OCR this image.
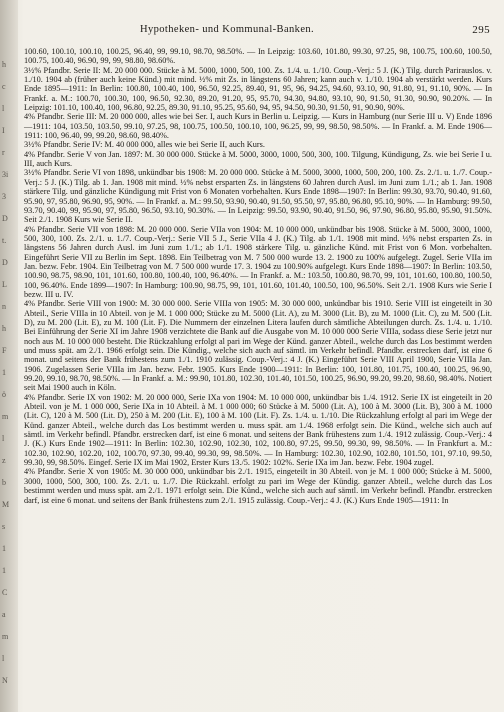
h
c
l
I
r
3i
3
D
t.
D
L
n
h
F
1
ö
m
l
z
b
M
s
1
1
C
a
m
l
N
Hypotheken- und Kommunal-Banken.	295

100.60, 100.10, 100.10, 100.25, 96.40, 99, 99.10, 98.70, 98.50%. — In Leipzig: 103.60, 101.80, 99.30, 97.25, 98, 100.75, 100.60, 100.50, 100.75, 100.40, 96.90, 99, 99, 98.80, 98.60%.

3½% Pfandbr. Serie II: M. 20 000 000. Stücke à M. 5000, 1000, 500, 100. Zs. 1./4. u. 1./10. Coup.-Verj.: 5 J. (K.) Tilg. durch Parirauslos. v. 1./10. 1904 ab (früher auch keine Künd.) mit mind. ½% mit Zs. in längstens 60 Jahren; kann auch v. 1./10. 1904 ab verstärkt werden. Kurs Ende 1895—1911: In Berlin: 100.80, 100.40, 100, 96.50, 92.25, 89.40, 91, 95, 96, 94.25, 94.60, 93.10, 90, 91.80, 91, 91.10, 90%. — In Frankf. a. M.: 100.70, 100.30, 100, 96.50, 92.30, 89.20, 91.20, 95, 95.70, 94.30, 94.80, 93.10, 90, 91.50, 91.30, 90.90, 90.20%. — In Leipzig: 101.10, 100.40, 100, 96.80, 92.25, 89.30, 91.10, 95.25, 95.60, 94, 95, 94.50, 90.30, 91.50, 91, 90.90, 90%.

4% Pfandbr. Serie III: M. 20 000 000, alles wie bei Ser. I, auch Kurs in Berlin u. Leipzig. — Kurs in Hamburg (nur Serie III u. V) Ende 1896—1911: 104, 103.50, 103.50, 99.10, 97.25, 98, 100.75, 100.50, 100.10, 100, 96.25, 99, 99, 98.50, 98.50%. — In Frankf. a. M. Ende 1906—1911: 100, 96.40, 99, 99.20, 98.60, 98.40%.

3½% Pfandbr. Serie IV: M. 40 000 000, alles wie bei Serie II, auch Kurs.

4% Pfandbr. Serie V von Jan. 1897: M. 30 000 000. Stücke à M. 5000, 3000, 1000, 500, 300, 100. Tilgung, Kündigung, Zs. wie bei Serie I u. III, auch Kurs.

3½% Pfandbr. Serie VI von 1898, unkündbar bis 1908: M. 20 000 000. Stücke à M. 5000, 3000, 1000, 500, 200, 100. Zs. 2./1. u. 1./7. Coup.-Verj.: 5 J. (K.) Tilg. ab 1. Jan. 1908 mit mind. ½% nebst ersparten Zs. in längstens 60 Jahren durch Ausl. im Juni zum 1./1.; ab 1. Jan. 1908 stärkere Tilg. und gänzliche Kündigung mit Frist von 6 Monaten vorbehalten. Kurs Ende 1898—1907: In Berlin: 99.30, 93.70, 90.40, 91.60, 95.90, 97, 95.80, 96.90, 95, 90%. — In Frankf. a. M.: 99.50, 93.90, 90.40, 91.50, 95.50, 97, 95.80, 96.80, 95.10, 90%. — In Hamburg: 99.50, 93.70, 90.40, 99, 95.90, 97, 95.80, 96.50, 93.10, 90.30%. — In Leipzig: 99.50, 93.90, 90.40, 91.50, 96, 97.90, 96.80, 95.80, 95.90, 91.50%. Seit 2./1. 1908 Kurs wie Serie II.

4% Pfandbr. Serie VII von 1898: M. 20 000 000. Serie VIIa von 1904: M. 10 000 000, unkündbar bis 1908. Stücke à M. 5000, 3000, 1000, 500, 300, 100. Zs. 2./1. u. 1./7. Coup.-Verj.: Serie VII 5 J., Serie VIIa 4 J. (K.) Tilg. ab 1./1. 1908 mit mind. ½% nebst ersparten Zs. in längstens 56 Jahren durch Ausl. im Juni zum 1./1.; ab 1./1. 1908 stärkere Tilg. u. gänzliche Künd. mit Frist von 6 Mon. vorbehalten. Eingeführt Serie VII zu Berlin im Sept. 1898. Ein Teilbetrag von M. 7 500 000 wurde 13. 2. 1900 zu 100% aufgelegt. Zugel. Serie VIIa im Jan. bezw. Febr. 1904. Ein Teilbetrag von M. 7 500 000 wurde 17. 3. 1904 zu 100.90% aufgelegt. Kurs Ende 1898—1907: In Berlin: 103.50, 100.90, 98.75, 98.90, 101, 101.60, 100.80, 100.40, 100, 96.40%. — In Frankf. a. M.: 103.50, 100.80, 98.70, 99, 101, 101.60, 100.80, 100.50, 100, 96.40%. Ende 1899—1907: In Hamburg: 100.90, 98.75, 99, 101, 101.60, 101.40, 100.50, 100, 96.50%. Seit 2./1. 1908 Kurs wie Serie I bezw. III u. IV.

4% Pfandbr. Serie VIII von 1900: M. 30 000 000. Serie VIIIa von 1905: M. 30 000 000, unkündbar bis 1910. Serie VIII ist eingeteilt in 30 Abteil., Serie VIIIa in 10 Abteil. von je M. 1 000 000; Stücke zu M. 5000 (Lit. A), zu M. 3000 (Lit. B), zu M. 1000 (Lit. C), zu M. 500 (Lit. D), zu M. 200 (Lit. E), zu M. 100 (Lit. F). Die Nummern der einzelnen Litera laufen durch sämtliche Abteilungen durch. Zs. 1./4. u. 1./10. Bei Einführung der Serie XI im Jahre 1908 verzichtete die Bank auf die Ausgabe von M. 10 000 000 Serie VIIIa, sodass diese Serie jetzt nur noch aus M. 10 000 000 besteht. Die Rückzahlung erfolgt al pari im Wege der Künd. ganzer Abteil., welche durch das Los bestimmt werden und muss spät. am 2./1. 1966 erfolgt sein. Die Kündig., welche sich auch auf sämtl. im Verkehr befindl. Pfandbr. erstrecken darf, ist eine 6 monat. und seitens der Bank frühestens zum 1./1. 1910 zulässig. Coup.-Verj.: 4 J. (K.) Eingeführt Serie VIII April 1900, Serie VIIIa Jan. 1906. Zugelassen Serie VIIIa im Jan. bezw. Febr. 1905. Kurs Ende 1900—1911: In Berlin: 100, 101.80, 101.75, 100.40, 100.25, 96.90, 99.20, 99.10, 98.70, 98.50%. — In Frankf. a. M.: 99.90, 101.80, 102.30, 101.40, 101.50, 100.25, 96.90, 99.20, 99.20, 98.60, 98.40%. Notiert seit Mai 1900 auch in Köln.

4% Pfandbr. Serie IX von 1902: M. 20 000 000, Serie IXa von 1904: M. 10 000 000, unkündbar bis 1./4. 1912. Serie IX ist eingeteilt in 20 Abteil. von je M. 1 000 000, Serie IXa in 10 Abteil. à M. 1 000 000; 60 Stücke à M. 5000 (Lit. A), 100 à M. 3000 (Lit. B), 300 à M. 1000 (Lit. C), 120 à M. 500 (Lit. D), 250 à M. 200 (Lit. E), 100 à M. 100 (Lit. F). Zs. 1./4. u. 1./10. Die Rückzahlung erfolgt al pari im Wege der Künd. ganzer Abteil., welche durch das Los bestimmt werden u. muss spät. am 1./4. 1968 erfolgt sein. Die Künd., welche sich auch auf sämtl. im Verkehr befindl. Pfandbr. erstrecken darf, ist eine 6 monat. und seitens der Bank frühestens zum 1./4. 1912 zulässig. Coup.-Verj.: 4 J. (K.) Kurs Ende 1902—1911: In Berlin: 102.30, 102.90, 102.30, 102, 100.80, 97.25, 99.50, 99.30, 99, 98.50%. — In Frankfurt a. M.: 102.30, 102.90, 102.20, 102, 100.70, 97.30, 99.40, 99.30, 99, 98.50%. — In Hamburg: 102.30, 102.90, 102.80, 101.50, 101, 97.10, 99.50, 99.30, 99, 98.50%. Eingef. Serie IX im Mai 1902, Erster Kurs 13./5. 1902: 102%. Serie IXa im Jan. bezw. Febr. 1904 zugel.

4% Pfandbr. Serie X von 1905: M. 30 000 000, unkündbar bis 2./1. 1915, eingeteilt in 30 Abteil. von je M. 1 000 000; Stücke à M. 5000, 3000, 1000, 500, 300, 100. Zs. 2./1. u. 1./7. Die Rückzahl. erfolgt zu pari im Wege der Kündig. ganzer Abteil., welche durch das Los bestimmt werden und muss spät. am 2./1. 1971 erfolgt sein. Die Künd., welche sich auch auf sämtl. im Verkehr befindl. Pfandbr. erstrecken darf, ist eine 6 monat. und seitens der Bank frühestens zum 2./1. 1915 zulässig. Coup.-Verj.: 4 J. (K.) Kurs Ende 1905—1911: In
